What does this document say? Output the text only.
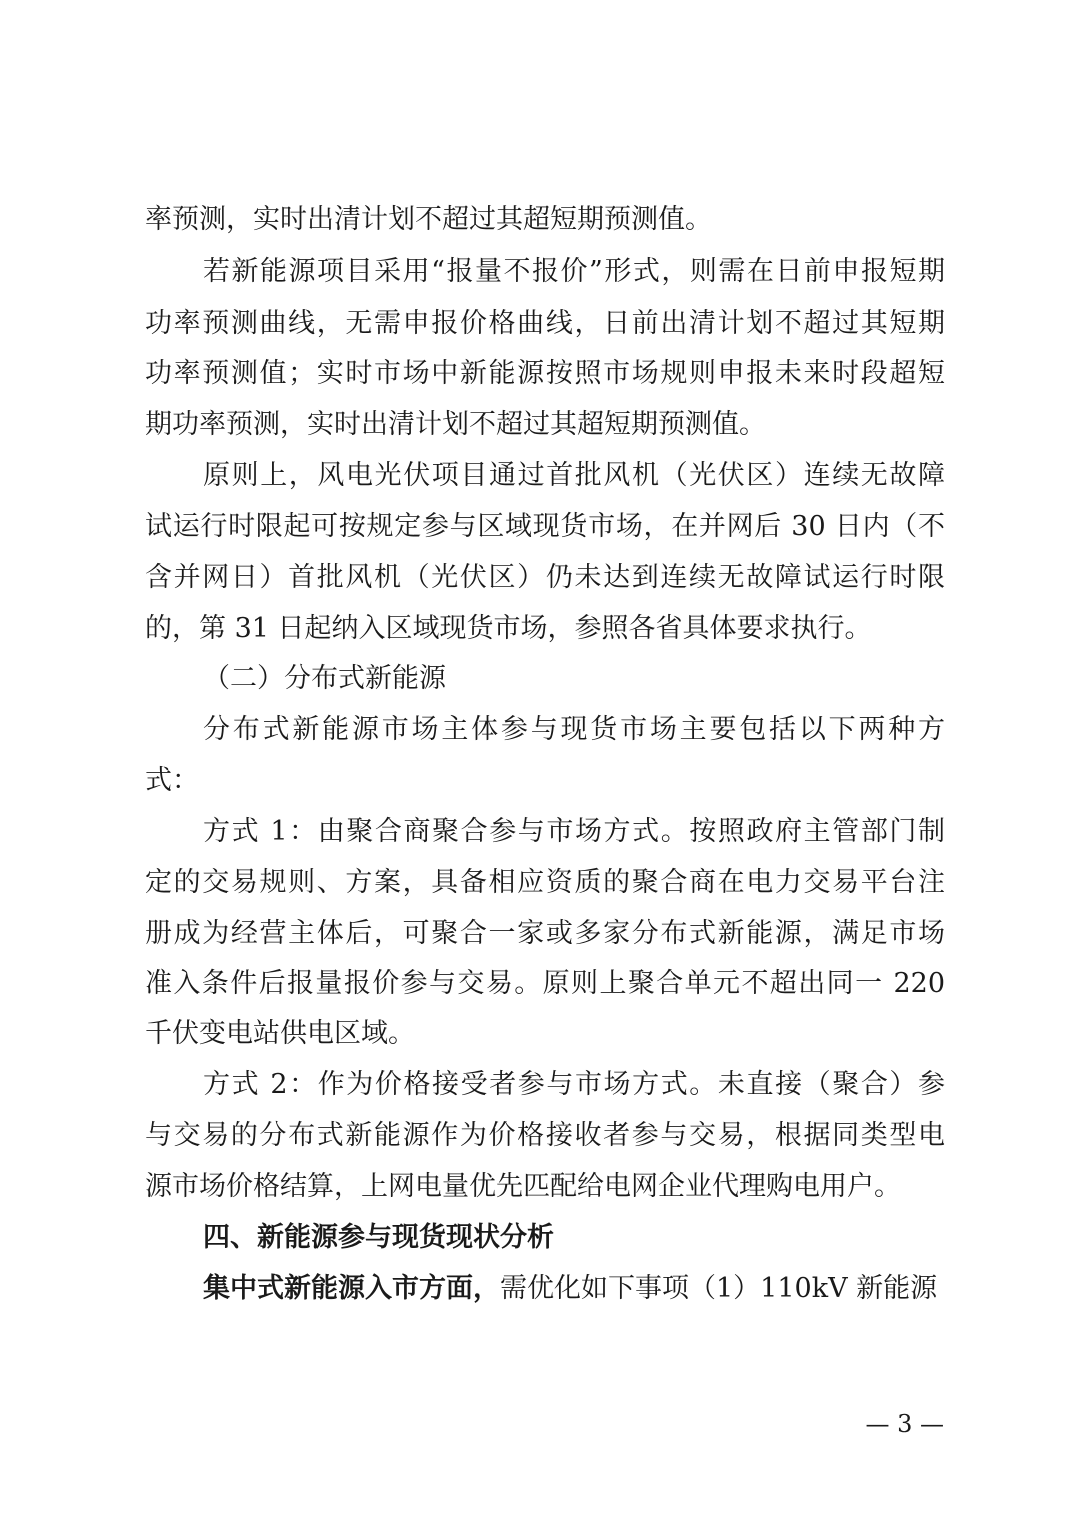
率预测，实时出清计划不超过其超短期预测值。
若新能源项目采用“报量不报价”形式，则需在日前申报短期
功率预测曲线，无需申报价格曲线，日前出清计划不超过其短期
功率预测值；实时市场中新能源按照市场规则申报未来时段超短
期功率预测，实时出清计划不超过其超短期预测值。
原则上，风电光伏项目通过首批风机（光伏区）连续无故障
试运行时限起可按规定参与区域现货市场，在并网后 30 日内（不
含并网日）首批风机（光伏区）仍未达到连续无故障试运行时限
的，第 31 日起纳入区域现货市场，参照各省具体要求执行。
（二）分布式新能源
分布式新能源市场主体参与现货市场主要包括以下两种方
式：
方式 1：由聚合商聚合参与市场方式。按照政府主管部门制
定的交易规则、方案，具备相应资质的聚合商在电力交易平台注
册成为经营主体后，可聚合一家或多家分布式新能源，满足市场
准入条件后报量报价参与交易。原则上聚合单元不超出同一 220
千伏变电站供电区域。
方式 2：作为价格接受者参与市场方式。未直接（聚合）参
与交易的分布式新能源作为价格接收者参与交易，根据同类型电
源市场价格结算，上网电量优先匹配给电网企业代理购电用户。
四、新能源参与现货现状分析
集中式新能源入市方面，需优化如下事项（1）110kV 新能源
— 3 —
